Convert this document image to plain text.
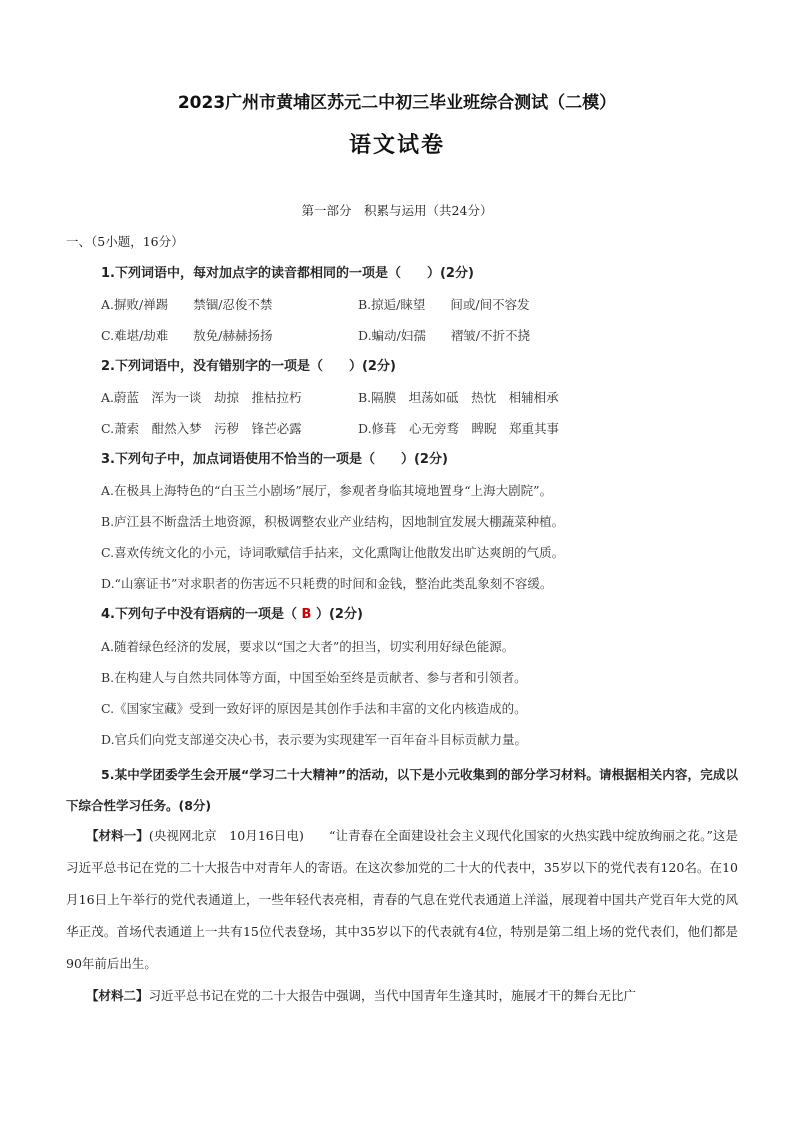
2023广州市黄埔区苏元二中初三毕业班综合测试（二模）
语文试卷
第一部分　积累与运用（共24分）
一、（5小题，16分）
1.下列词语中，每对加点字的读音都相同的一项是（　　）(2分)
A.摒败/禅踢　　禁锢/忍俊不禁	B.掠逅/睐望　　间或/间不容发
C.难堪/劫难　　敖免/赫赫扬扬	D.蝙动/妇孺　　褶皱/不折不挠
2.下列词语中，没有错别字的一项是（　　）(2分)
A.蔚蓝　浑为一谈　劫掠　推枯拉朽	B.隔膜　坦荡如砥　热忱　相辅相承
C.萧索　酣然入梦　污秽　锋芒必露	D.修葺　心无旁骛　睥睨　郑重其事
3.下列句子中，加点词语使用不恰当的一项是（　　）(2分)
A.在极具上海特色的“白玉兰小剧场”展厅，参观者身临其境地置身“上海大剧院”。
B.庐江县不断盘活土地资源，积极调整农业产业结构，因地制宜发展大棚蔬菜种植。
C.喜欢传统文化的小元，诗词歌赋信手拈来，文化熏陶让他散发出旷达爽朗的气质。
D.“山寨证书”对求职者的伤害远不只耗费的时间和金钱，整治此类乱象刻不容缓。
4.下列句子中没有语病的一项是（ B ）(2分)
A.随着绿色经济的发展，要求以“国之大者”的担当，切实利用好绿色能源。
B.在构建人与自然共同体等方面，中国至始至终是贡献者、参与者和引领者。
C.《国家宝藏》受到一致好评的原因是其创作手法和丰富的文化内核造成的。
D.官兵们向党支部递交决心书，表示要为实现建军一百年奋斗目标贡献力量。
5.某中学团委学生会开展“学习二十大精神”的活动，以下是小元收集到的部分学习材料。请根据相关内容，完成以下综合性学习任务。(8分)
【材料一】(央视网北京　10月16日电)　　“让青春在全面建设社会主义现代化国家的火热实践中绽放绚丽之花。”这是习近平总书记在党的二十大报告中对青年人的寄语。在这次参加党的二十大的代表中，35岁以下的党代表有120名。在10月16日上午举行的党代表通道上，一些年轻代表亮相，青春的气息在党代表通道上洋溢，展现着中国共产党百年大党的风华正茂。首场代表通道上一共有15位代表登场，其中35岁以下的代表就有4位，特别是第二组上场的党代表们，他们都是90年前后出生。
【材料二】习近平总书记在党的二十大报告中强调，当代中国青年生逢其时，施展才干的舞台无比广
